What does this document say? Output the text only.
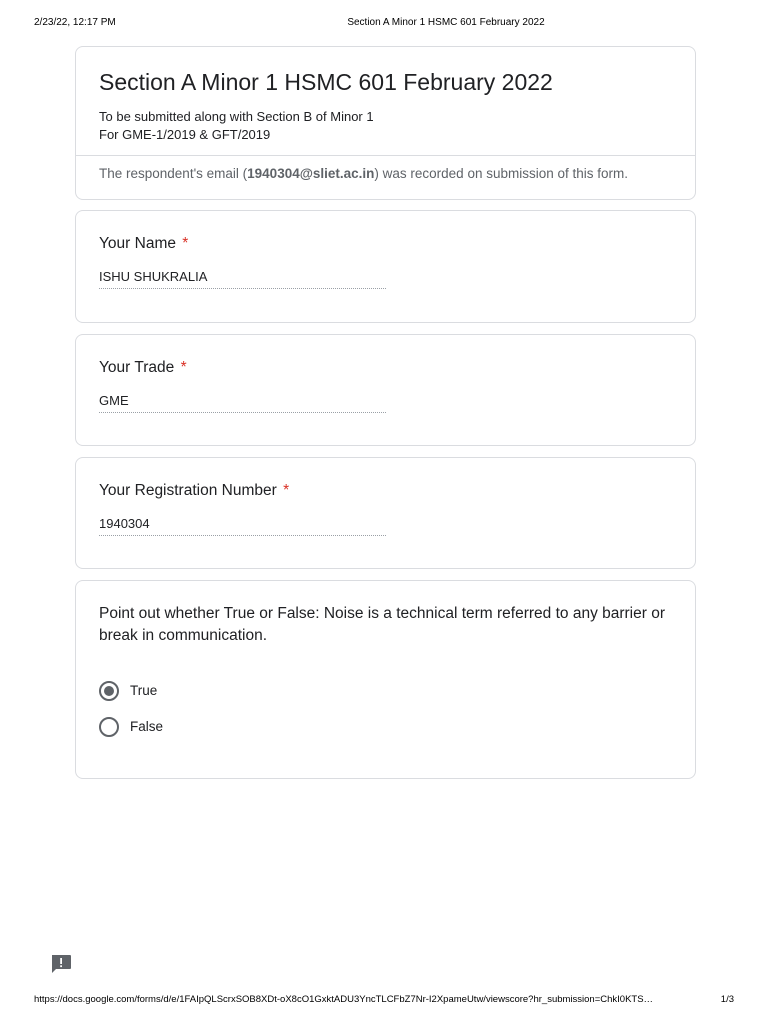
2/23/22, 12:17 PM	Section A Minor 1 HSMC 601 February 2022
Section A Minor 1 HSMC 601 February 2022
To be submitted along with Section B of Minor 1
For GME-1/2019 & GFT/2019
The respondent's email (1940304@sliet.ac.in) was recorded on submission of this form.
Your Name *
ISHU SHUKRALIA
Your Trade *
GME
Your Registration Number *
1940304
Point out whether True or False: Noise is a technical term referred to any barrier or break in communication.
True
False
https://docs.google.com/forms/d/e/1FAIpQLScrxSOB8XDt-oX8cO1GxktADU3YncTLCFbZ7Nr-I2XpameUtw/viewscore?hr_submission=ChkI0KTS…	1/3
